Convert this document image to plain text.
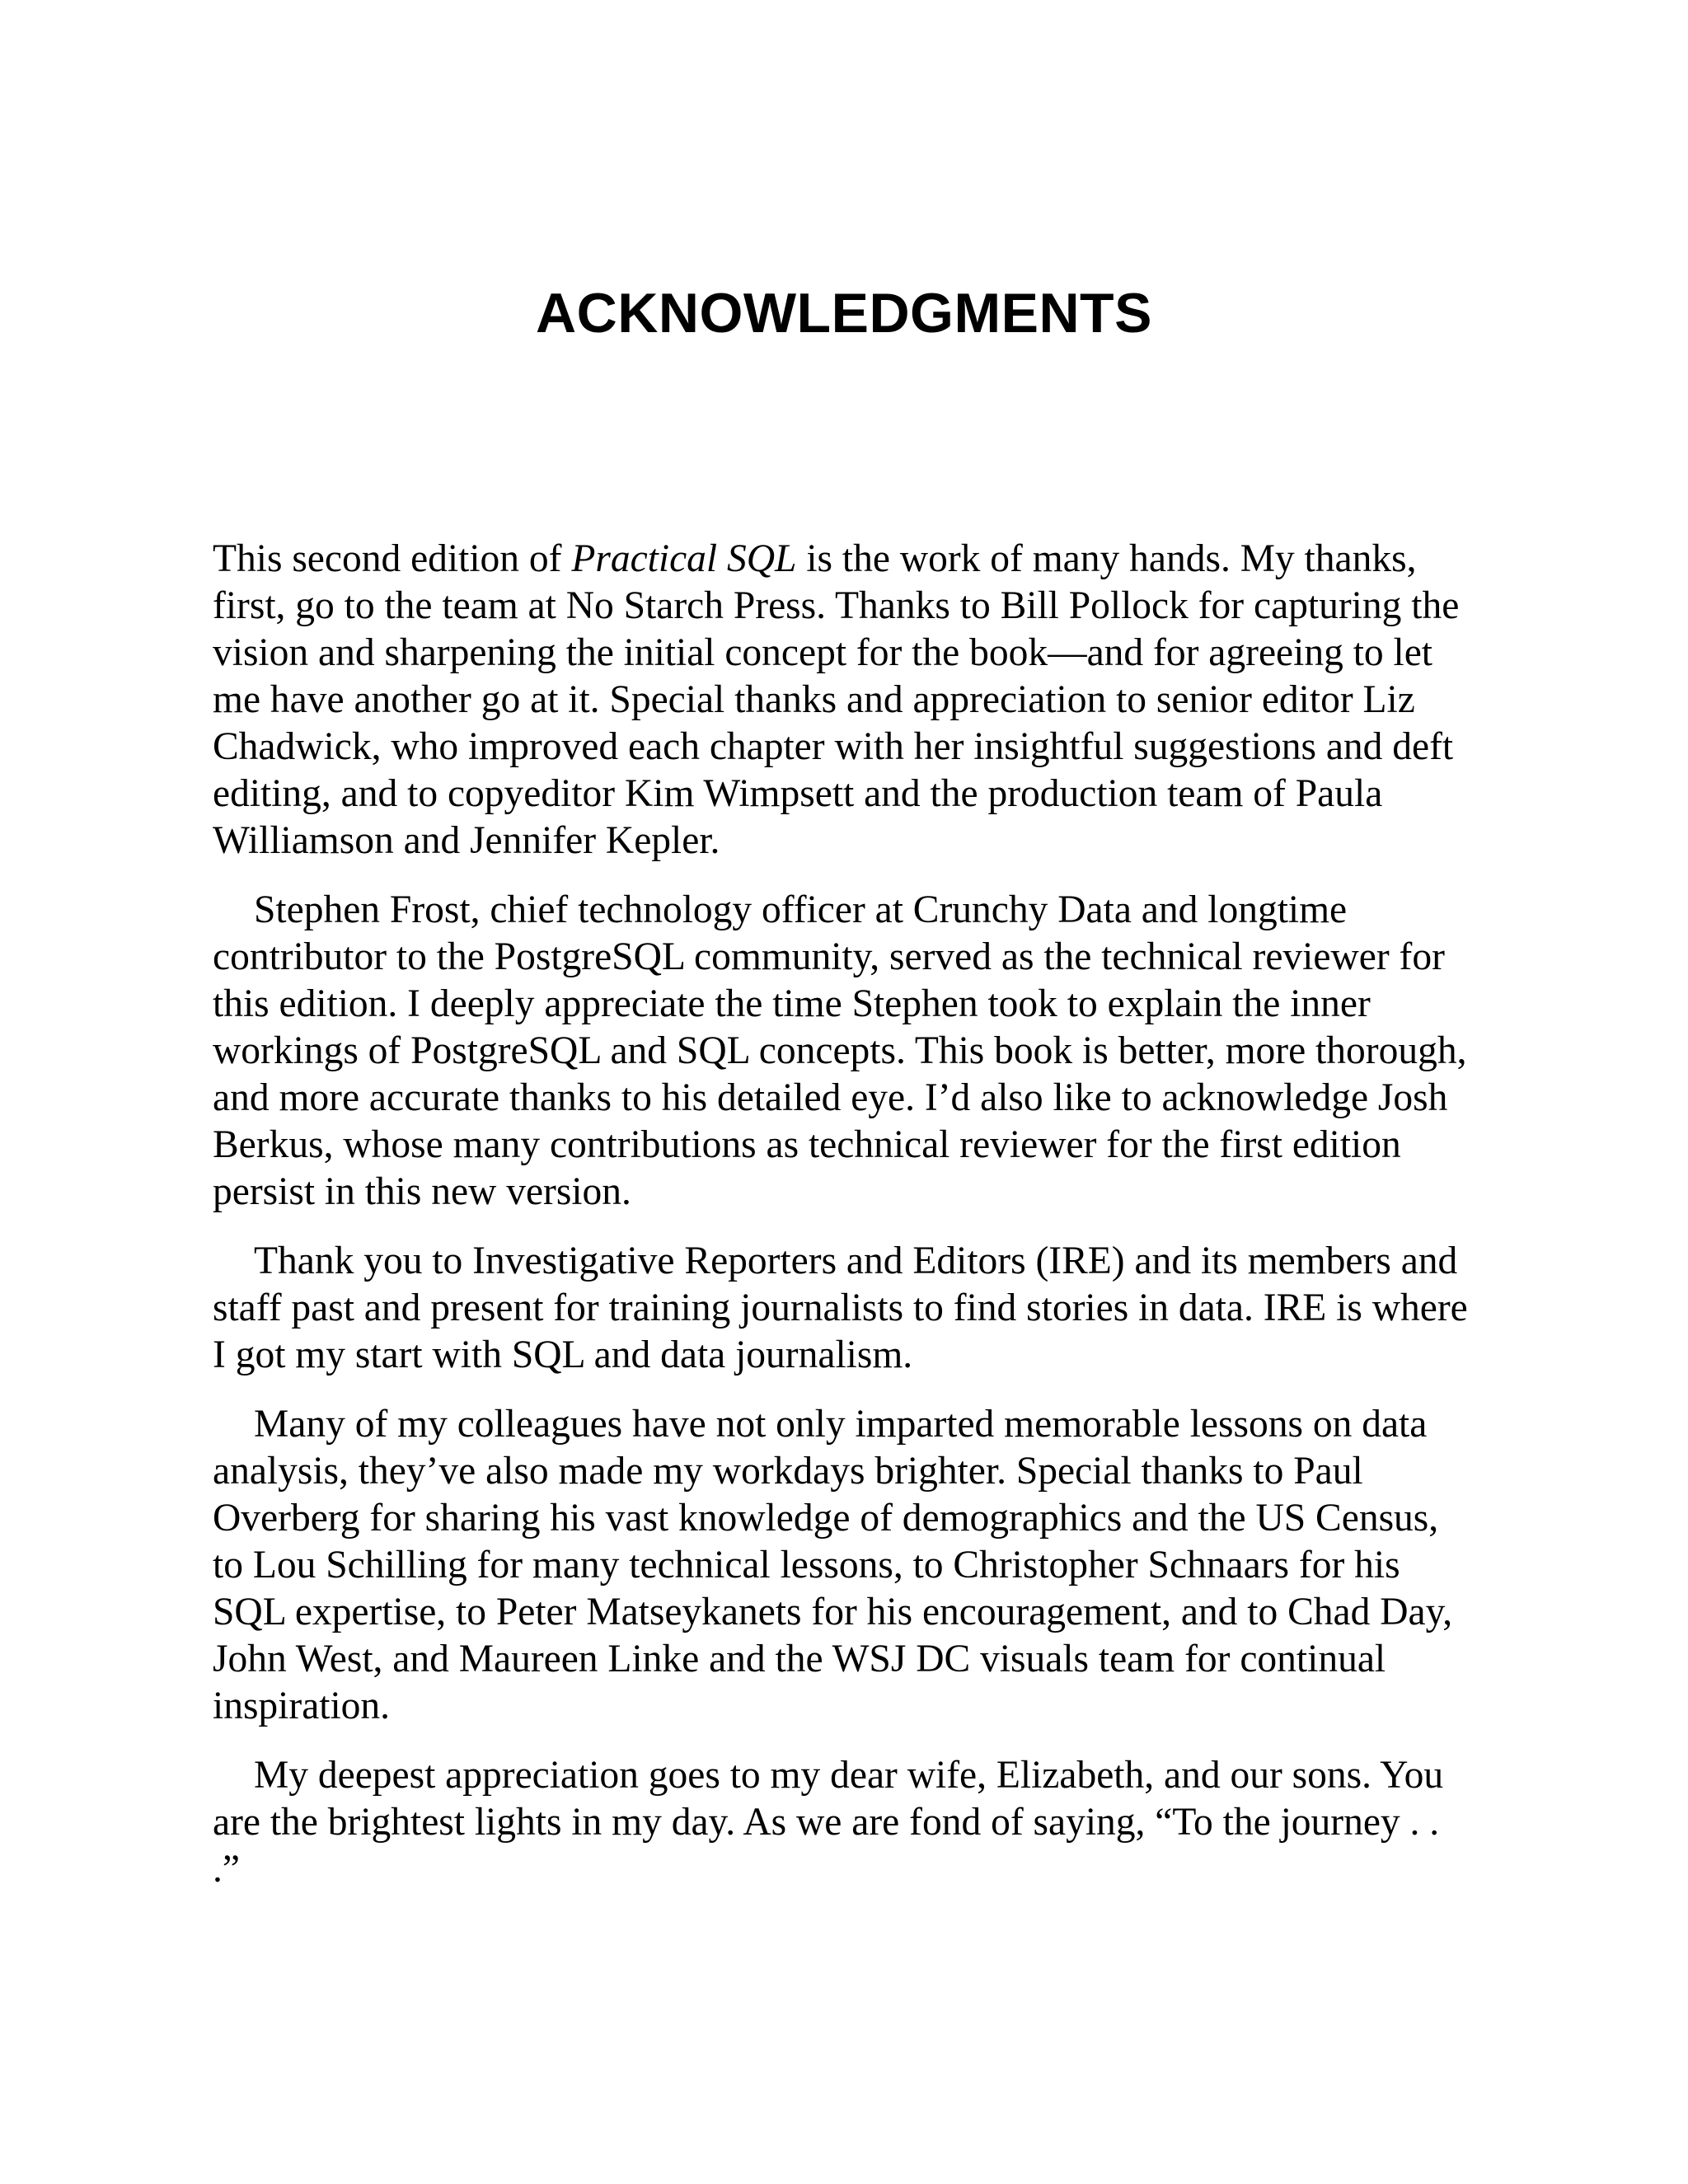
ACKNOWLEDGMENTS

This second edition of Practical SQL is the work of many hands. My thanks, first, go to the team at No Starch Press. Thanks to Bill Pollock for capturing the vision and sharpening the initial concept for the book—and for agreeing to let me have another go at it. Special thanks and appreciation to senior editor Liz Chadwick, who improved each chapter with her insightful suggestions and deft editing, and to copyeditor Kim Wimpsett and the production team of Paula Williamson and Jennifer Kepler.

Stephen Frost, chief technology officer at Crunchy Data and longtime contributor to the PostgreSQL community, served as the technical reviewer for this edition. I deeply appreciate the time Stephen took to explain the inner workings of PostgreSQL and SQL concepts. This book is better, more thorough, and more accurate thanks to his detailed eye. I’d also like to acknowledge Josh Berkus, whose many contributions as technical reviewer for the first edition persist in this new version.

Thank you to Investigative Reporters and Editors (IRE) and its members and staff past and present for training journalists to find stories in data. IRE is where I got my start with SQL and data journalism.

Many of my colleagues have not only imparted memorable lessons on data analysis, they’ve also made my workdays brighter. Special thanks to Paul Overberg for sharing his vast knowledge of demographics and the US Census, to Lou Schilling for many technical lessons, to Christopher Schnaars for his SQL expertise, to Peter Matseykanets for his encouragement, and to Chad Day, John West, and Maureen Linke and the WSJ DC visuals team for continual inspiration.

My deepest appreciation goes to my dear wife, Elizabeth, and our sons. You are the brightest lights in my day. As we are fond of saying, “To the journey . . .”
